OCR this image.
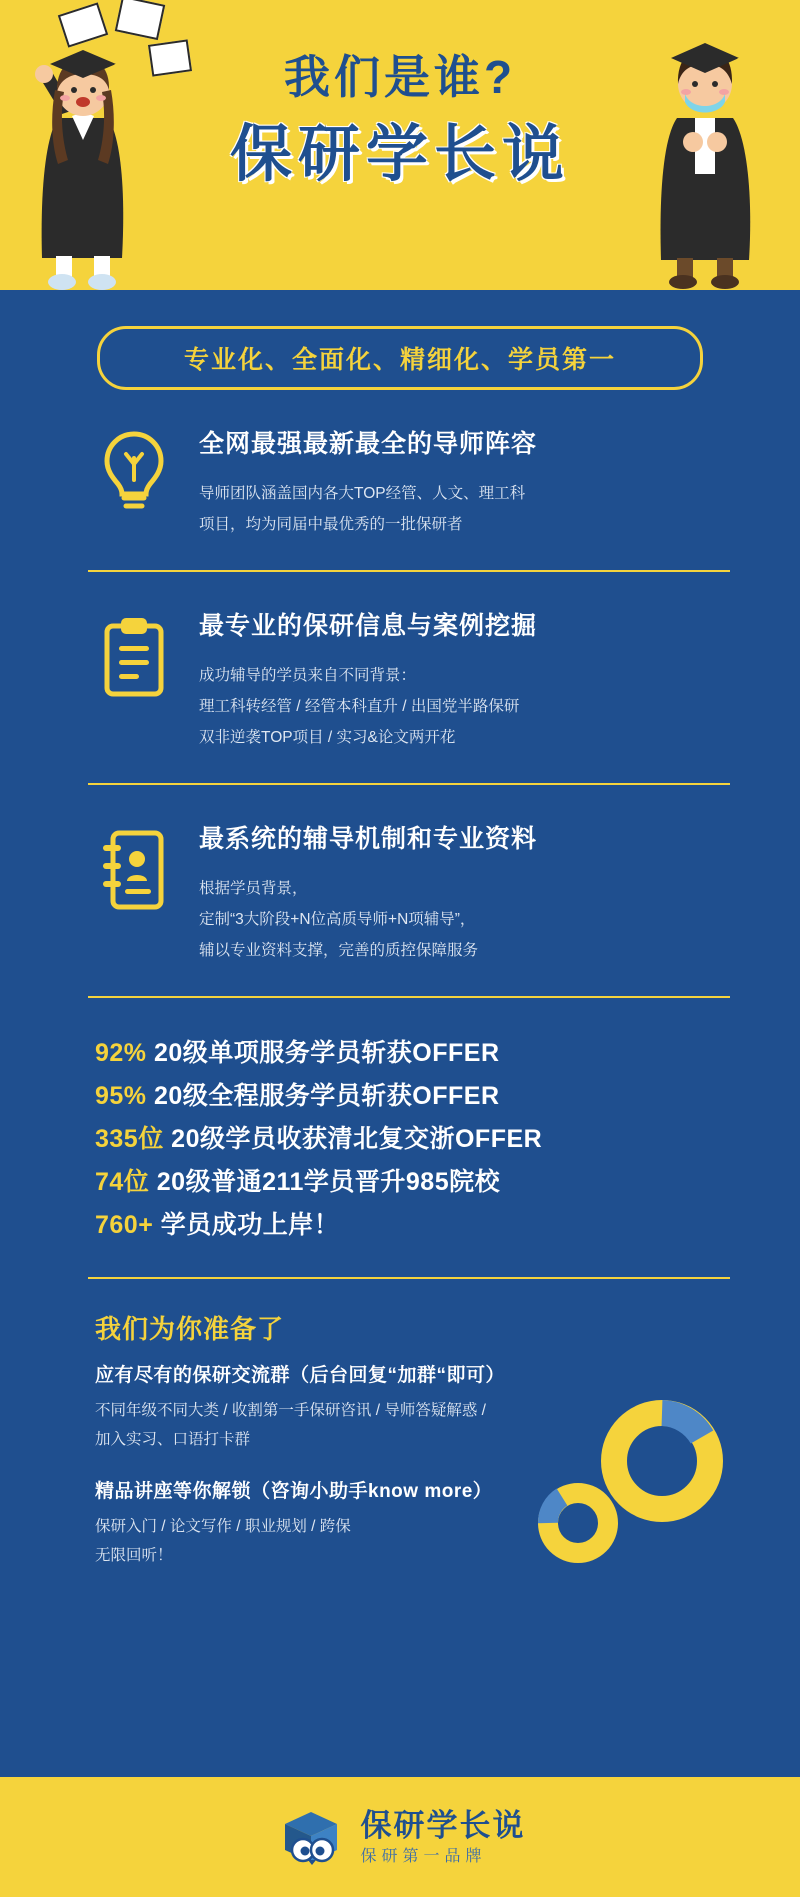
我们是谁?
保研学长说
专业化、全面化、精细化、学员第一
全网最强最新最全的导师阵容
导师团队涵盖国内各大TOP经管、人文、理工科
项目，均为同届中最优秀的一批保研者
最专业的保研信息与案例挖掘
成功辅导的学员来自不同背景：
理工科转经管 / 经管本科直升 / 出国党半路保研
双非逆袭TOP项目 / 实习&论文两开花
最系统的辅导机制和专业资料
根据学员背景，
定制“3大阶段+N位高质导师+N项辅导”，
辅以专业资料支撑，完善的质控保障服务
92% 20级单项服务学员斩获OFFER
95% 20级全程服务学员斩获OFFER
335位 20级学员收获清北复交浙OFFER
74位 20级普通211学员晋升985院校
760+ 学员成功上岸！
我们为你准备了
应有尽有的保研交流群（后台回复“加群“即可）
不同年级不同大类 / 收割第一手保研咨讯 / 导师答疑解惑 /
加入实习、口语打卡群
精品讲座等你解锁（咨询小助手know more）
保研入门 / 论文写作 / 职业规划 / 跨保
无限回听！
保研学长说
保研第一品牌
